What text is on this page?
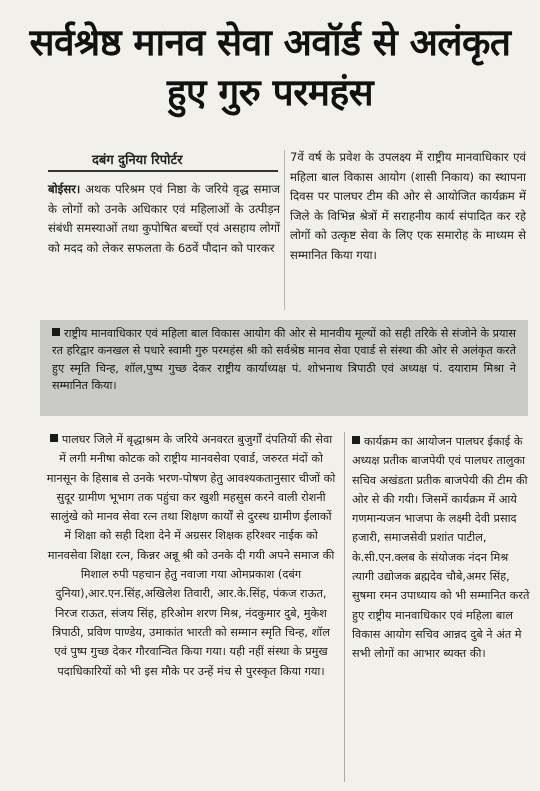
सर्वश्रेष्ठ मानव सेवा अवॉर्ड से अलंकृत हुए गुरु परमहंस
दबंग दुनिया रिपोर्टर
बोईसर। अथक परिश्रम एवं निष्ठा के जरिये वृद्ध समाज के लोगों को उनके अधिकार एवं महिलाओं के उत्पीड़न संबंधी समस्याओं तथा कुपोषित बच्चों एवं असहाय लोगों को मदद को लेकर सफलता के 6ठवें पौदान को पारकर
7वें वर्ष के प्रवेश के उपलक्ष्य में राष्ट्रीय मानवाधिकार एवं महिला बाल विकास आयोग (शासी निकाय) का स्थापना दिवस पर पालघर टीम की ओर से आयोजित कार्यक्रम में जिले के विभिन्न श्रेत्रों में सराहनीय कार्य संपादित कर रहे लोगों को उत्कृष्ट सेवा के लिए एक समारोह के माध्यम से सम्मानित किया गया।
राष्ट्रीय मानवाधिकार एवं महिला बाल विकास आयोग की ओर से मानवीय मूल्यों को सही तरिके से संजोने के प्रयास रत हरिद्वार कनखल से पधारे स्वामी गुरु परमहंस श्री को सर्वश्रेष्ठ मानव सेवा एवार्ड से संस्था की ओर से अलंकृत करते हुए स्मृति चिन्ह, शॉल,पुष्प गुच्छ देकर राष्ट्रीय कार्याध्यक्ष पं. शोभनाथ त्रिपाठी एवं अध्यक्ष पं. दयाराम मिश्रा ने सम्मानित किया।
पालघर जिले में बृद्धाश्रम के जरिये अनवरत बुजुर्गों दंपतियों की सेवा में लगी मनीषा कोटक को राष्ट्रीय मानवसेवा एवार्ड, जरुरत मंदों को मानसून के हिसाब से उनके भरण-पोषण हेतु आवश्यकतानुसार चीजों को सुदूर ग्रामीण भूभाग तक पहुंचा कर खुशी महसुस करने वाली रोशनी सालुंखे को मानव सेवा रत्न तथा शिक्षण कार्यों से दुरस्थ ग्रामीण ईलाकों में शिक्षा को सही दिशा देने में अग्रसर शिक्षक हरिश्वर नाईक को मानवसेवा शिक्षा रत्न, किन्नर अन्नू श्री को उनके दी गयी अपने समाज की मिशाल रुपी पहचान हेतु नवाजा गया ओमप्रकाश (दबंग दुनिया),आर.एन.सिंह,अखिलेश तिवारी, आर.के.सिंह, पंकज राऊत, निरज राऊत, संजय सिंह, हरिओम शरण मिश्र, नंदकुमार दुबे, मुकेश त्रिपाठी, प्रविण पाण्डेय, उमाकांत भारती को सम्मान स्मृति चिन्ह, शॉल एवं पुष्प गुच्छ देकर गौरवान्वित किया गया। यही नहीं संस्था के प्रमुख पदाधिकारियों को भी इस मौके पर उन्हें मंच से पुरस्कृत किया गया।
कार्यक्रम का आयोजन पालघर ईकाई के अध्यक्ष प्रतीक बाजपेयी एवं पालघर तालुका सचिव अखंडता प्रतीक बाजपेयी की टीम की ओर से की गयी। जिसमें कार्यक्रम में आये गणमान्यजन भाजपा के लक्ष्मी देवी प्रसाद हजारी, समाजसेवी प्रशांत पाटील, के.सी.एन.क्लब के संयोजक नंदन मिश्र त्यागी उद्योजक ब्रह्मदेव चौबे,अमर सिंह, सुषमा रमन उपाध्याय को भी सम्मानित करते हुए राष्ट्रीय मानवाधिकार एवं महिला बाल विकास आयोग सचिव आन्नद दुबे ने अंत मे सभी लोगों का आभार ब्यक्त की।
